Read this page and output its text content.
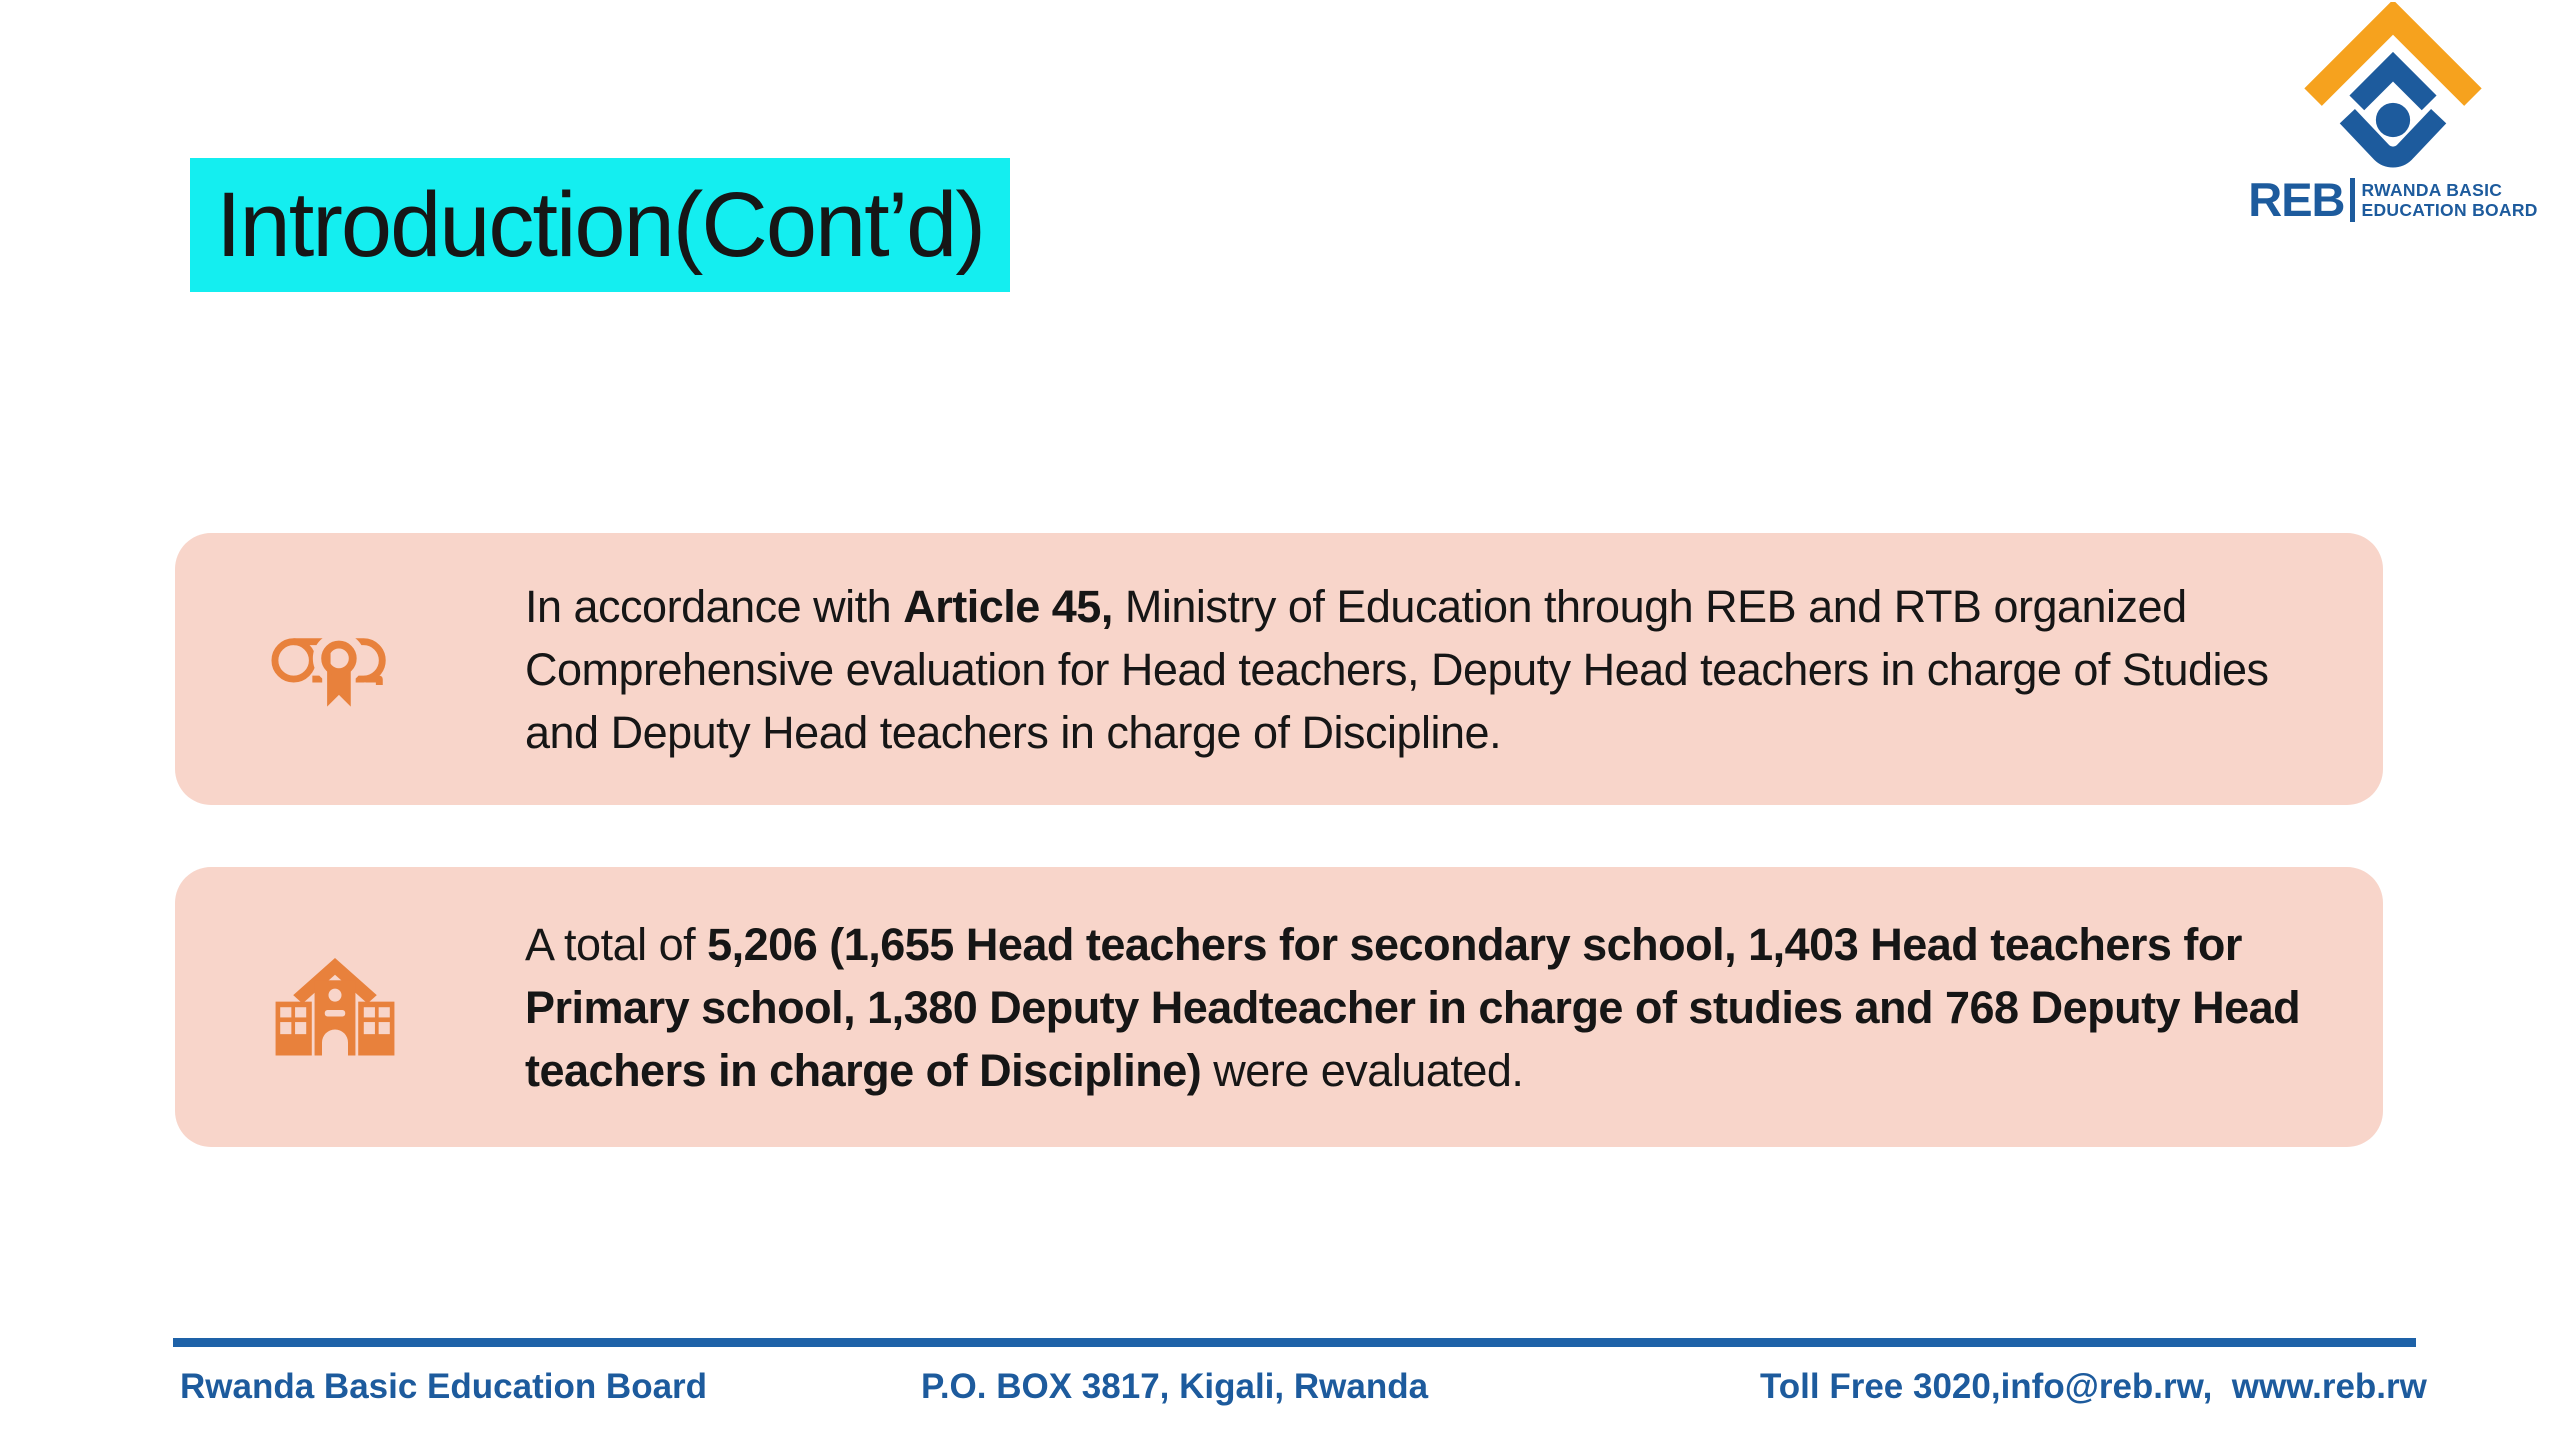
Introduction(Cont’d)	REB RWANDA BASIC
EDUCATION BOARD

In accordance with Article 45, Ministry of Education through REB and RTB organized Comprehensive evaluation for Head teachers, Deputy Head teachers in charge of Studies and Deputy Head teachers in charge of Discipline.

A total of 5,206 (1,655 Head teachers for secondary school, 1,403 Head teachers for Primary school, 1,380 Deputy Headteacher in charge of studies and 768 Deputy Head teachers in charge of Discipline) were evaluated.

Rwanda Basic Education Board	P.O. BOX 3817, Kigali, Rwanda	Toll Free 3020,info@reb.rw,  www.reb.rw
